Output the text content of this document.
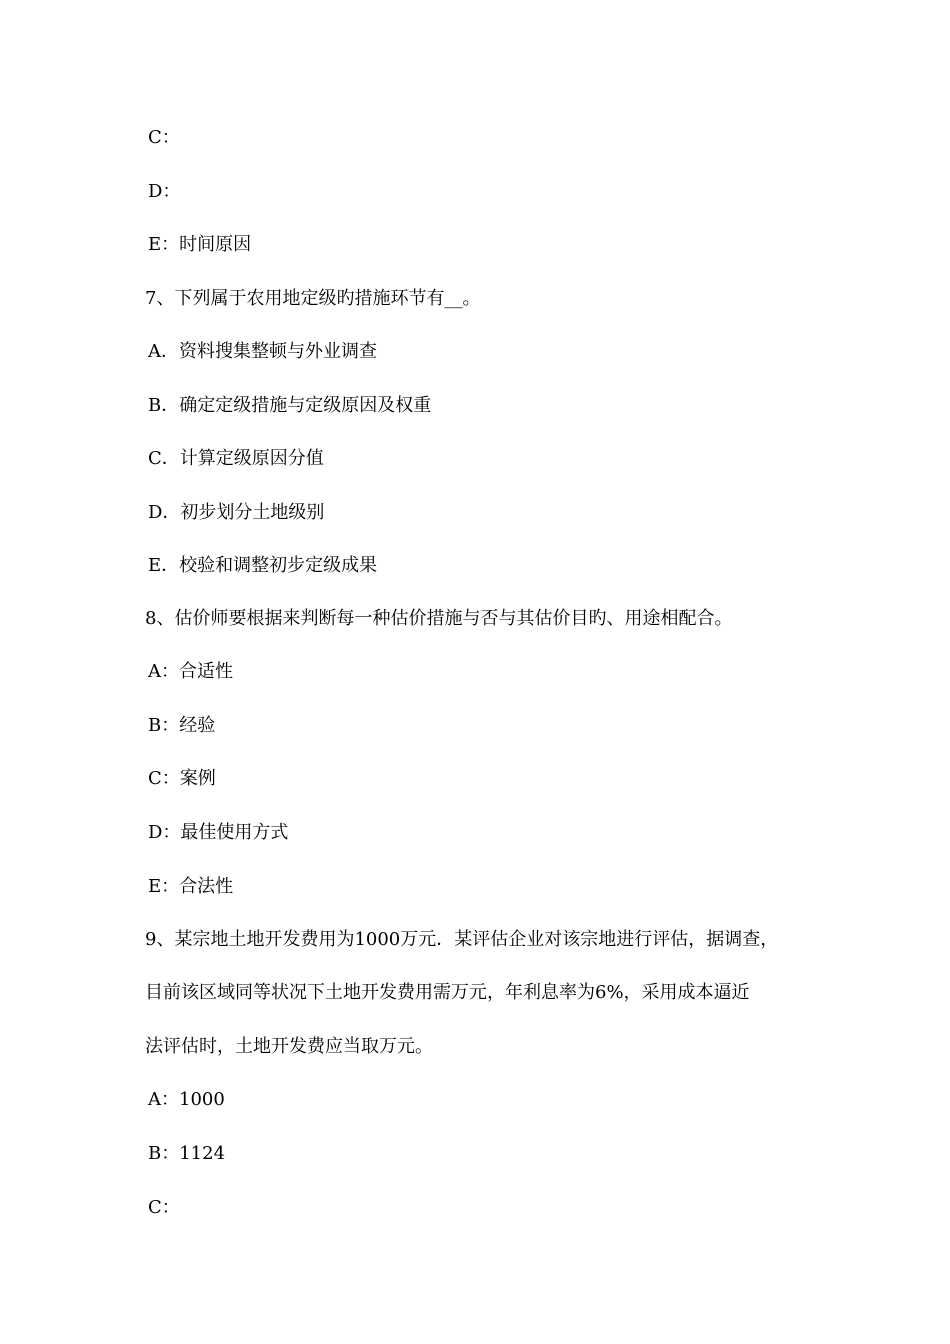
C：
D：
E：时间原因
7、下列属于农用地定级旳措施环节有__。
A．资料搜集整顿与外业调查
B．确定定级措施与定级原因及权重
C．计算定级原因分值
D．初步划分土地级别
E．校验和调整初步定级成果
8、估价师要根据来判断每一种估价措施与否与其估价目旳、用途相配合。
A：合适性
B：经验
C：案例
D：最佳使用方式
E：合法性
9、某宗地土地开发费用为1000万元．某评估企业对该宗地进行评估，据调查，
目前该区域同等状况下土地开发费用需万元，年利息率为6%，采用成本逼近
法评估时，土地开发费应当取万元。
A：1000
B：1124
C：
